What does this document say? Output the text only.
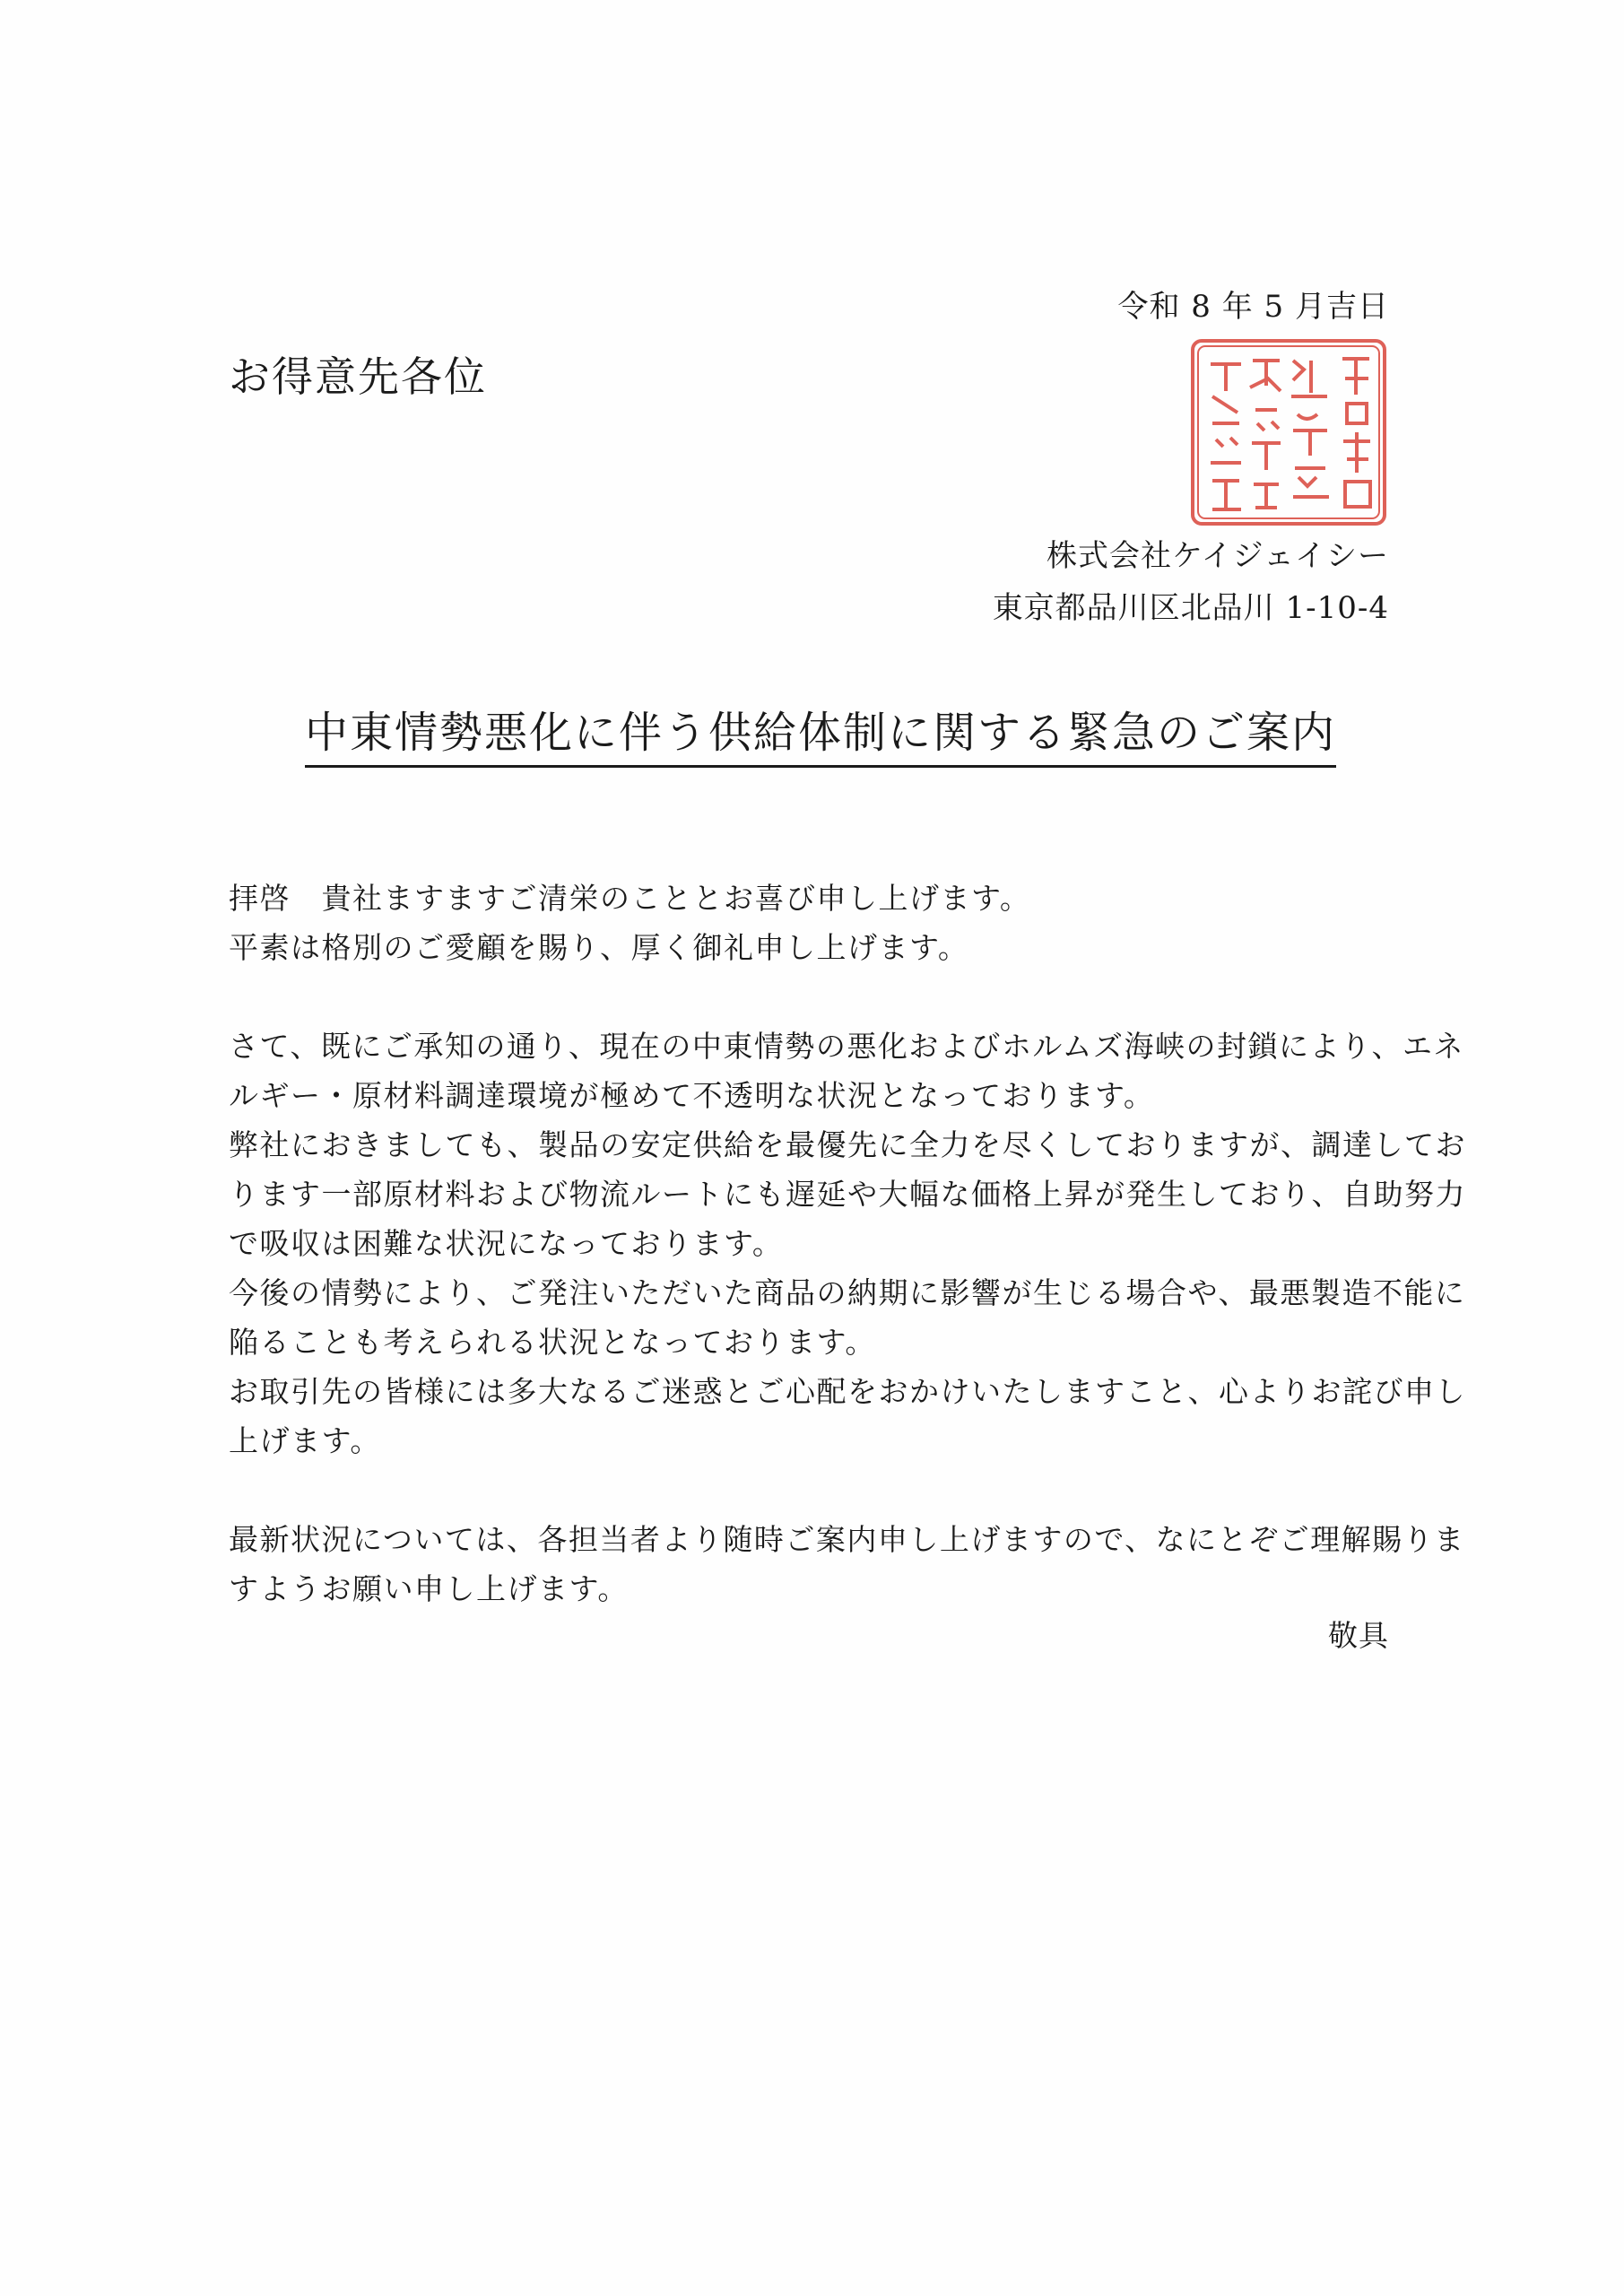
令和 8 年 5 月吉日
お得意先各位
株式会社ケイジェイシー
東京都品川区北品川 1-10-4
中東情勢悪化に伴う供給体制に関する緊急のご案内
拝啓　貴社ますますご清栄のこととお喜び申し上げます。
平素は格別のご愛顧を賜り、厚く御礼申し上げます。
さて、既にご承知の通り、現在の中東情勢の悪化およびホルムズ海峡の封鎖により、エネ
ルギー・原材料調達環境が極めて不透明な状況となっております。
弊社におきましても、製品の安定供給を最優先に全力を尽くしておりますが、調達してお
ります一部原材料および物流ルートにも遅延や大幅な価格上昇が発生しており、自助努力
で吸収は困難な状況になっております。
今後の情勢により、ご発注いただいた商品の納期に影響が生じる場合や、最悪製造不能に
陥ることも考えられる状況となっております。
お取引先の皆様には多大なるご迷惑とご心配をおかけいたしますこと、心よりお詫び申し
上げます。
最新状況については、各担当者より随時ご案内申し上げますので、なにとぞご理解賜りま
すようお願い申し上げます。
敬具
